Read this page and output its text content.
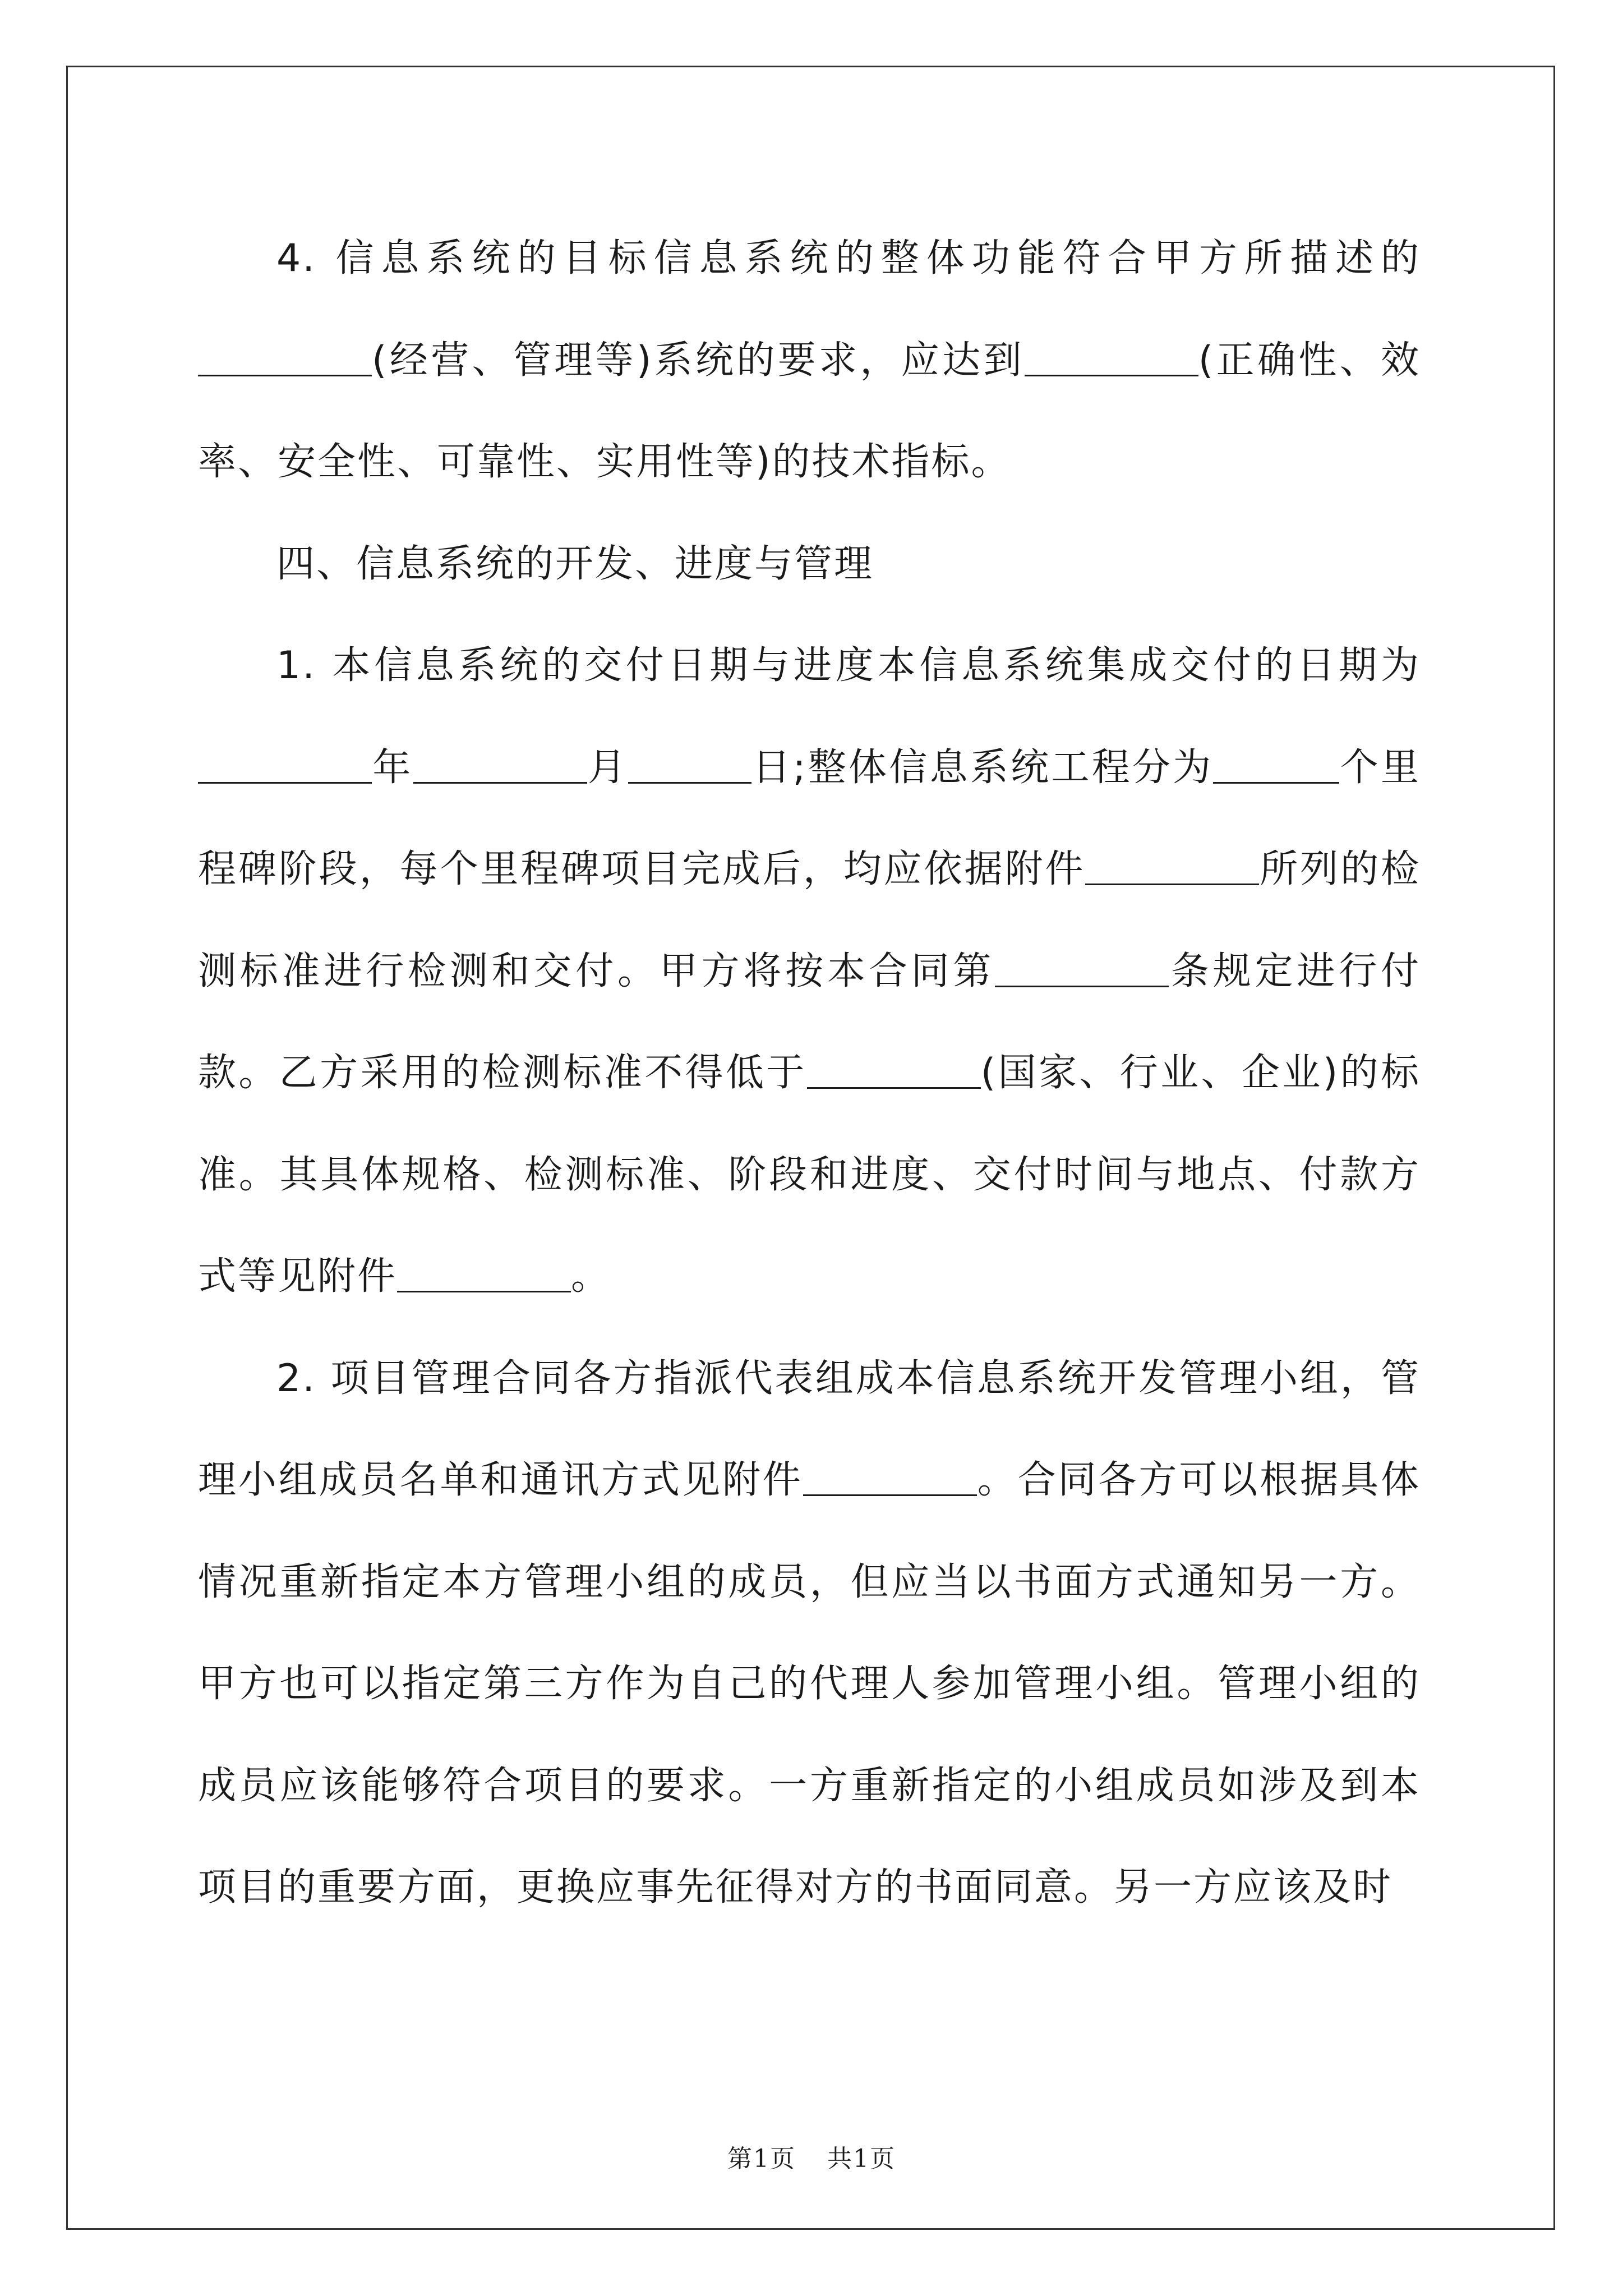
4. 信息系统的目标信息系统的整体功能符合甲方所描述的(经营、管理等)系统的要求，应达到	(正确性、效率、安全性、可靠性、实用性等)的技术指标。

四、信息系统的开发、进度与管理

1. 本信息系统的交付日期与进度本信息系统集成交付的日期为年	月	日;整体信息系统工程分为	个里程碑阶段，每个里程碑项目完成后，均应依据附件	所列的检测标准进行检测和交付。甲方将按本合同第	条规定进行付款。乙方采用的检测标准不得低于	(国家、行业、企业)的标准。其具体规格、检测标准、阶段和进度、交付时间与地点、付款方式等见附件	。

2. 项目管理合同各方指派代表组成本信息系统开发管理小组，管理小组成员名单和通讯方式见附件	。合同各方可以根据具体情况重新指定本方管理小组的成员，但应当以书面方式通知另一方。甲方也可以指定第三方作为自己的代理人参加管理小组。管理小组的成员应该能够符合项目的要求。一方重新指定的小组成员如涉及到本项目的重要方面，更换应事先征得对方的书面同意。另一方应该及时

第1页 共1页
